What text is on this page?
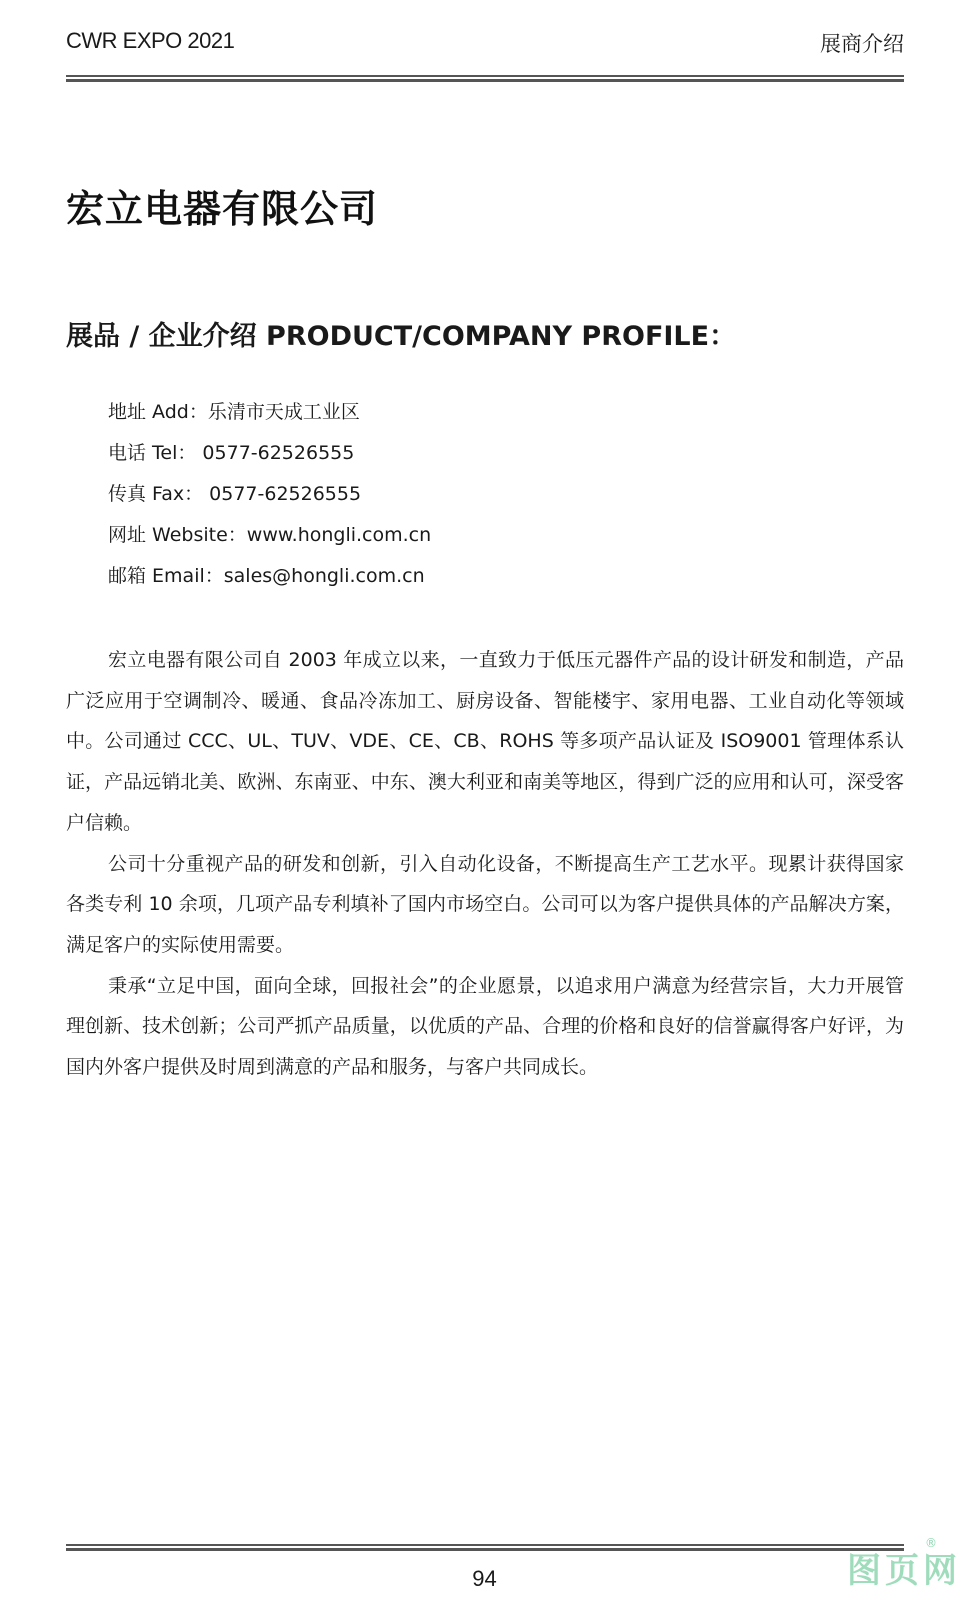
CWR EXPO 2021	展商介绍
宏立电器有限公司
展品 / 企业介绍 PRODUCT/COMPANY PROFILE：
地址 Add：乐清市天成工业区
电话 Tel： 0577-62526555
传真 Fax： 0577-62526555
网址 Website：www.hongli.com.cn
邮箱 Email：sales@hongli.com.cn

宏立电器有限公司自 2003 年成立以来，一直致力于低压元器件产品的设计研发和制造，产品广泛应用于空调制冷、暖通、食品冷冻加工、厨房设备、智能楼宇、家用电器、工业自动化等领域中。公司通过 CCC、UL、TUV、VDE、CE、CB、ROHS 等多项产品认证及 ISO9001 管理体系认证，产品远销北美、欧洲、东南亚、中东、澳大利亚和南美等地区，得到广泛的应用和认可，深受客户信赖。

公司十分重视产品的研发和创新，引入自动化设备，不断提高生产工艺水平。现累计获得国家各类专利 10 余项，几项产品专利填补了国内市场空白。公司可以为客户提供具体的产品解决方案，满足客户的实际使用需要。

秉承“立足中国，面向全球，回报社会”的企业愿景，以追求用户满意为经营宗旨，大力开展管理创新、技术创新；公司严抓产品质量，以优质的产品、合理的价格和良好的信誉赢得客户好评，为国内外客户提供及时周到满意的产品和服务，与客户共同成长。

94
®
图页网
